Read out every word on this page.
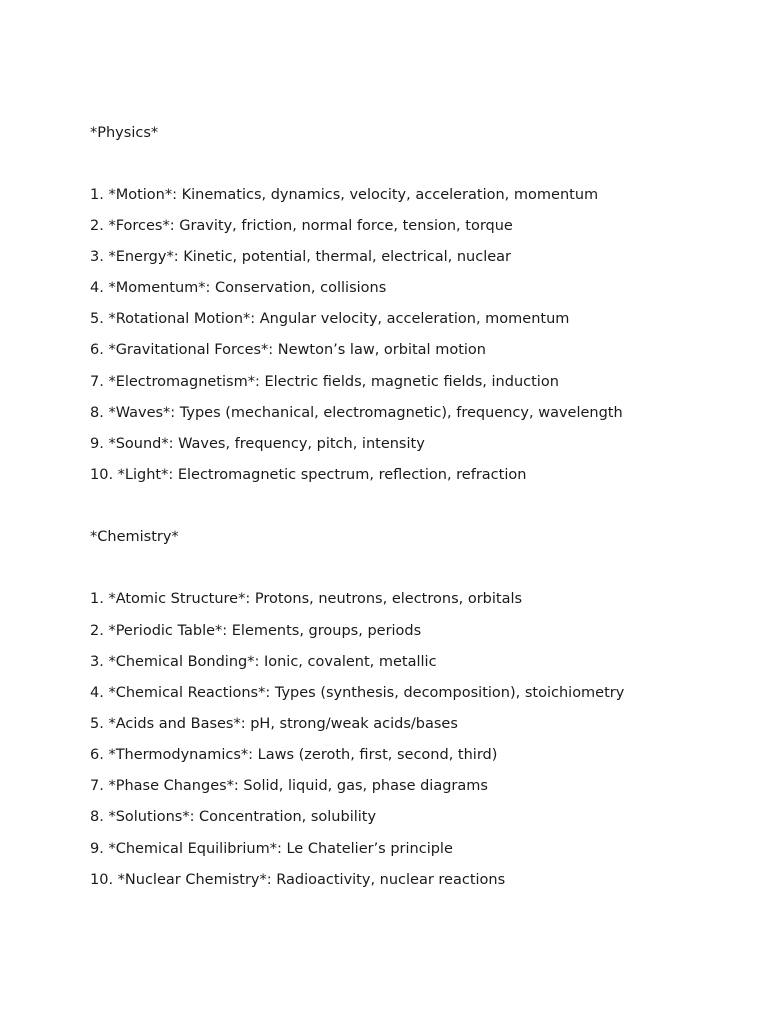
*Physics*
1. *Motion*: Kinematics, dynamics, velocity, acceleration, momentum
2. *Forces*: Gravity, friction, normal force, tension, torque
3. *Energy*: Kinetic, potential, thermal, electrical, nuclear
4. *Momentum*: Conservation, collisions
5. *Rotational Motion*: Angular velocity, acceleration, momentum
6. *Gravitational Forces*: Newton’s law, orbital motion
7. *Electromagnetism*: Electric fields, magnetic fields, induction
8. *Waves*: Types (mechanical, electromagnetic), frequency, wavelength
9. *Sound*: Waves, frequency, pitch, intensity
10. *Light*: Electromagnetic spectrum, reflection, refraction
*Chemistry*
1. *Atomic Structure*: Protons, neutrons, electrons, orbitals
2. *Periodic Table*: Elements, groups, periods
3. *Chemical Bonding*: Ionic, covalent, metallic
4. *Chemical Reactions*: Types (synthesis, decomposition), stoichiometry
5. *Acids and Bases*: pH, strong/weak acids/bases
6. *Thermodynamics*: Laws (zeroth, first, second, third)
7. *Phase Changes*: Solid, liquid, gas, phase diagrams
8. *Solutions*: Concentration, solubility
9. *Chemical Equilibrium*: Le Chatelier’s principle
10. *Nuclear Chemistry*: Radioactivity, nuclear reactions
